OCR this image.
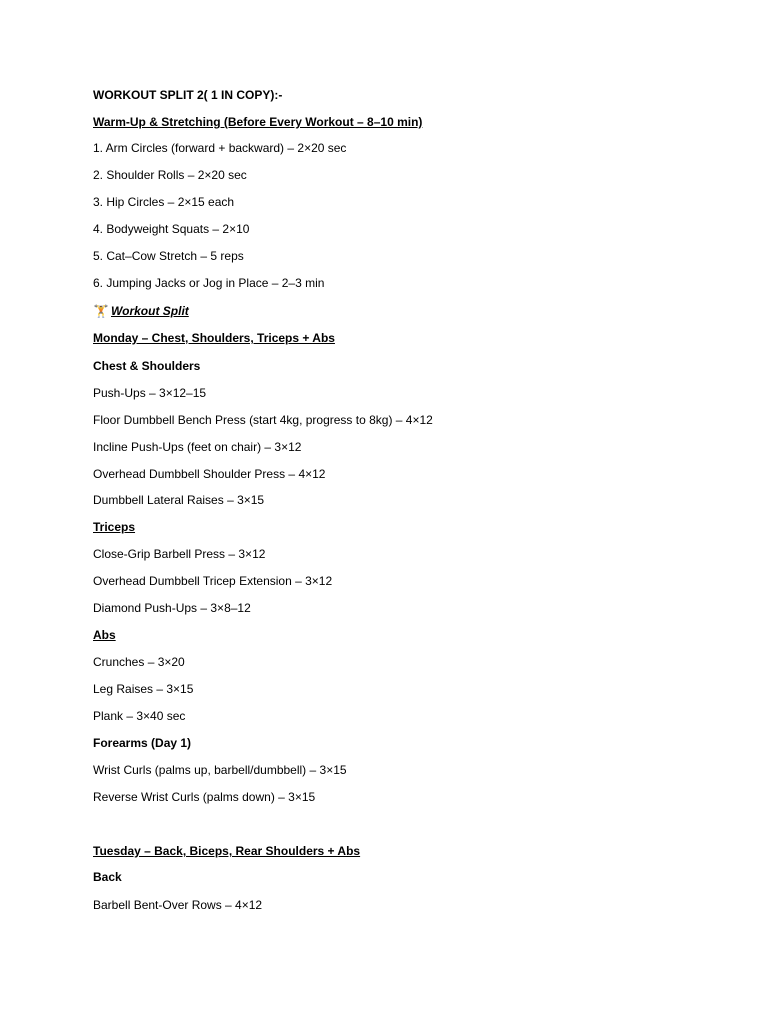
WORKOUT SPLIT 2( 1 IN COPY):-

Warm-Up & Stretching (Before Every Workout – 8–10 min)

1. Arm Circles (forward + backward) – 2×20 sec

2. Shoulder Rolls – 2×20 sec

3. Hip Circles – 2×15 each

4. Bodyweight Squats – 2×10

5. Cat–Cow Stretch – 5 reps

6. Jumping Jacks or Jog in Place – 2–3 min

🏋 Workout Split

Monday – Chest, Shoulders, Triceps + Abs

Chest & Shoulders

Push-Ups – 3×12–15

Floor Dumbbell Bench Press (start 4kg, progress to 8kg) – 4×12

Incline Push-Ups (feet on chair) – 3×12

Overhead Dumbbell Shoulder Press – 4×12

Dumbbell Lateral Raises – 3×15

Triceps

Close-Grip Barbell Press – 3×12

Overhead Dumbbell Tricep Extension – 3×12

Diamond Push-Ups – 3×8–12

Abs

Crunches – 3×20

Leg Raises – 3×15

Plank – 3×40 sec

Forearms (Day 1)

Wrist Curls (palms up, barbell/dumbbell) – 3×15

Reverse Wrist Curls (palms down) – 3×15

Tuesday – Back, Biceps, Rear Shoulders + Abs

Back

Barbell Bent-Over Rows – 4×12
